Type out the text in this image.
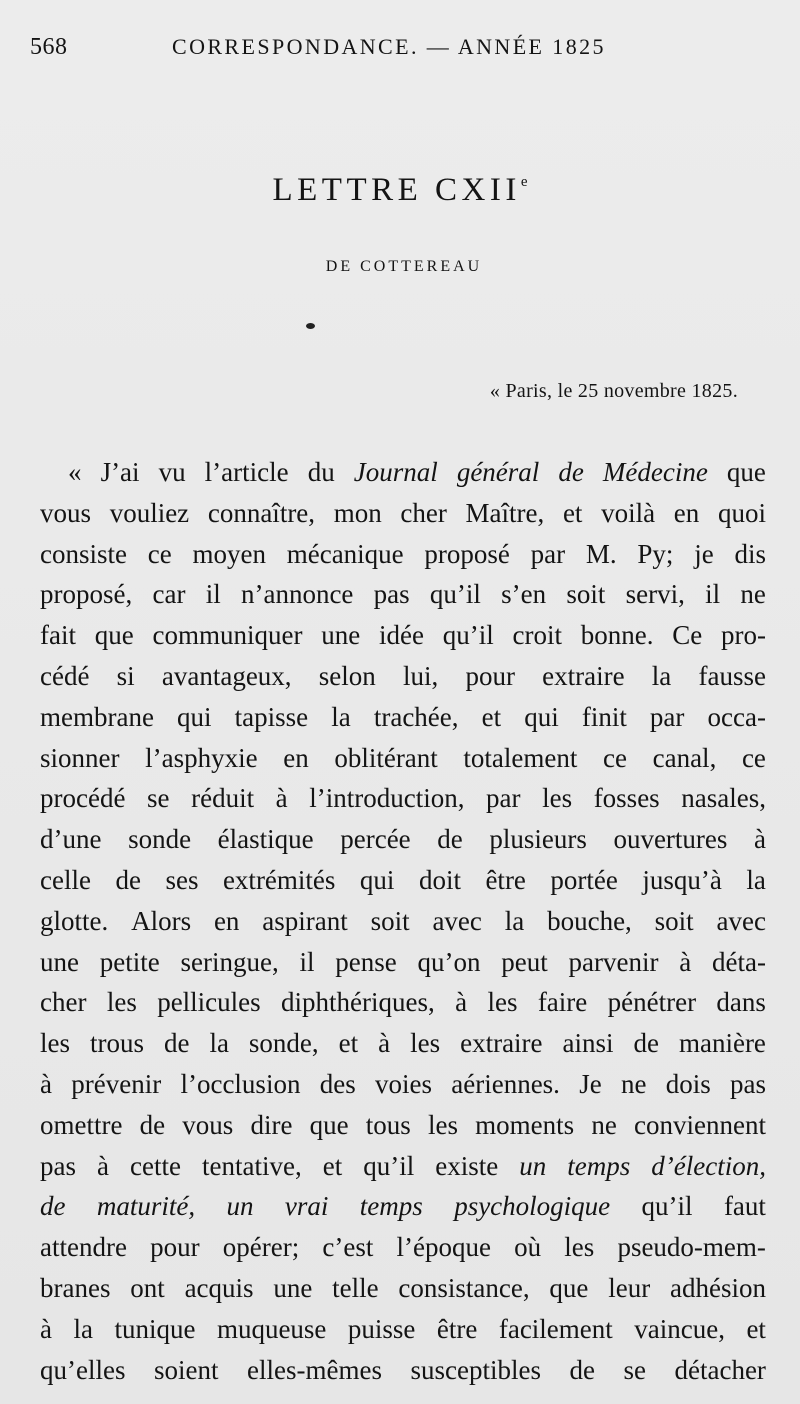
568	CORRESPONDANCE. — ANNÉE 1825
LETTRE CXIIe
DE COTTEREAU
« Paris, le 25 novembre 1825.
« J’ai vu l’article du Journal général de Médecine que
vous vouliez connaître, mon cher Maître, et voilà en quoi
consiste ce moyen mécanique proposé par M. Py; je dis
proposé, car il n’annonce pas qu’il s’en soit servi, il ne
fait que communiquer une idée qu’il croit bonne. Ce pro-
cédé si avantageux, selon lui, pour extraire la fausse
membrane qui tapisse la trachée, et qui finit par occa-
sionner l’asphyxie en oblitérant totalement ce canal, ce
procédé se réduit à l’introduction, par les fosses nasales,
d’une sonde élastique percée de plusieurs ouvertures à
celle de ses extrémités qui doit être portée jusqu’à la
glotte. Alors en aspirant soit avec la bouche, soit avec
une petite seringue, il pense qu’on peut parvenir à déta-
cher les pellicules diphthériques, à les faire pénétrer dans
les trous de la sonde, et à les extraire ainsi de manière
à prévenir l’occlusion des voies aériennes. Je ne dois pas
omettre de vous dire que tous les moments ne conviennent
pas à cette tentative, et qu’il existe un temps d’élection,
de maturité, un vrai temps psychologique qu’il faut
attendre pour opérer; c’est l’époque où les pseudo-mem-
branes ont acquis une telle consistance, que leur adhésion
à la tunique muqueuse puisse être facilement vaincue, et
qu’elles soient elles-mêmes susceptibles de se détacher
